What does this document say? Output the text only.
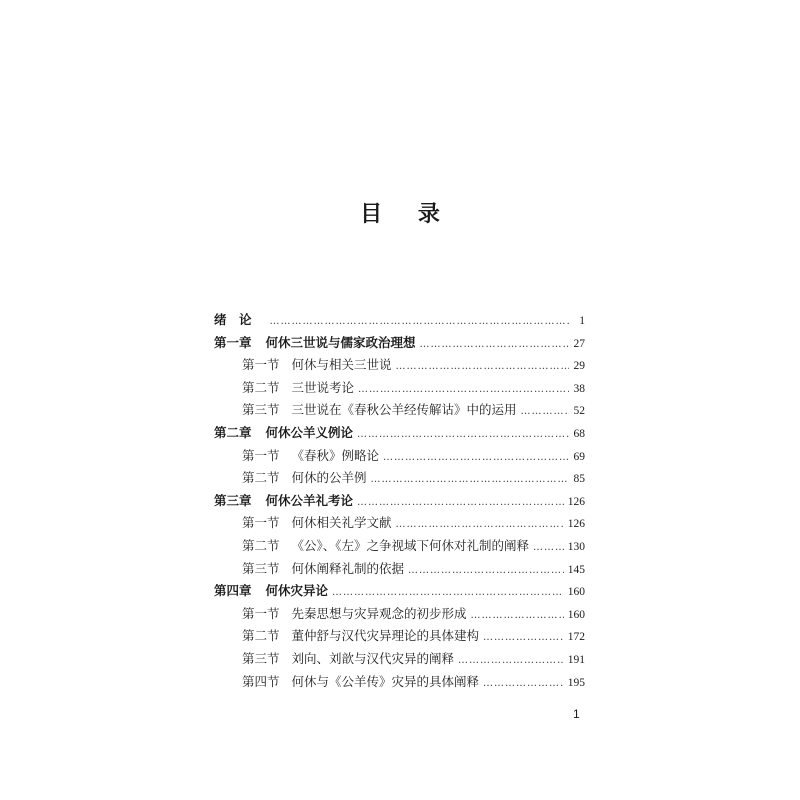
目 录
绪　论 ……………………………………………………………………………………………………………………………………………………………………………………	1
第一章 何休三世说与儒家政治理想 ……………………………………………………………………………………………………………………………………………………………………………………	27
第一节 何休与相关三世说 ……………………………………………………………………………………………………………………………………………………………………………………	29
第二节 三世说考论 ……………………………………………………………………………………………………………………………………………………………………………………	38
第三节 三世说在《春秋公羊经传解诂》中的运用 ……………………………………………………………………………………………………………………………………………………………………………………	52
第二章 何休公羊义例论 ……………………………………………………………………………………………………………………………………………………………………………………	68
第一节 《春秋》例略论 ……………………………………………………………………………………………………………………………………………………………………………………	69
第二节 何休的公羊例 ……………………………………………………………………………………………………………………………………………………………………………………	85
第三章 何休公羊礼考论 ……………………………………………………………………………………………………………………………………………………………………………………	126
第一节 何休相关礼学文献 ……………………………………………………………………………………………………………………………………………………………………………………	126
第二节 《公》、《左》之争视域下何休对礼制的阐释 ……………………………………………………………………………………………………………………………………………………………………………………	130
第三节 何休阐释礼制的依据 ……………………………………………………………………………………………………………………………………………………………………………………	145
第四章 何休灾异论 ……………………………………………………………………………………………………………………………………………………………………………………	160
第一节 先秦思想与灾异观念的初步形成 ……………………………………………………………………………………………………………………………………………………………………………………	160
第二节 董仲舒与汉代灾异理论的具体建构 ……………………………………………………………………………………………………………………………………………………………………………………	172
第三节 刘向、刘歆与汉代灾异的阐释 ……………………………………………………………………………………………………………………………………………………………………………………	191
第四节 何休与《公羊传》灾异的具体阐释 ……………………………………………………………………………………………………………………………………………………………………………………	195
1
